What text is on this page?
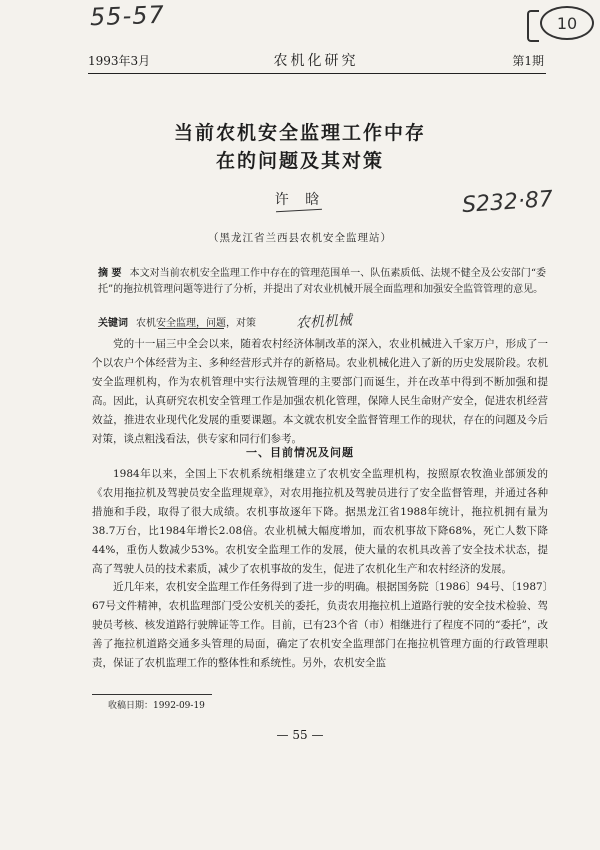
55-57	10
1993年3月	农机化研究	第1期
当前农机安全监理工作中存
在的问题及其对策
许 晗	S232·87
（黑龙江省兰西县农机安全监理站）
摘 要 本文对当前农机安全监理工作中存在的管理范围单一、队伍素质低、法规不健全及公安部门“委托”的拖拉机管理问题等进行了分析，并提出了对农业机械开展全面监理和加强安全监管管理的意见。
关键词 农机安全监理，问题，对策	农机机械

党的十一届三中全会以来，随着农村经济体制改革的深入，农业机械进入千家万户，形成了一个以农户个体经营为主、多种经营形式并存的新格局。农业机械化进入了新的历史发展阶段。农机安全监理机构，作为农机管理中实行法规管理的主要部门而诞生，并在改革中得到不断加强和提高。因此，认真研究农机安全管理工作是加强农机化管理，保障人民生命财产安全，促进农机经营效益，推进农业现代化发展的重要课题。本文就农机安全监督管理工作的现状，存在的问题及今后对策，谈点粗浅看法，供专家和同行们参考。

一、目前情况及问题

1984年以来，全国上下农机系统相继建立了农机安全监理机构，按照原农牧渔业部颁发的《农用拖拉机及驾驶员安全监理规章》，对农用拖拉机及驾驶员进行了安全监督管理，并通过各种措施和手段，取得了很大成绩。农机事故逐年下降。据黑龙江省1988年统计，拖拉机拥有量为38.7万台，比1984年增长2.08倍。农业机械大幅度增加，而农机事故下降68%，死亡人数下降44%，重伤人数减少53%。农机安全监理工作的发展，使大量的农机具改善了安全技术状态，提高了驾驶人员的技术素质，减少了农机事故的发生，促进了农机化生产和农村经济的发展。

近几年来，农机安全监理工作任务得到了进一步的明确。根据国务院〔1986〕94号、〔1987〕67号文件精神，农机监理部门受公安机关的委托，负责农用拖拉机上道路行驶的安全技术检验、驾驶员考核、核发道路行驶牌证等工作。目前，已有23个省（市）相继进行了程度不同的“委托”，改善了拖拉机道路交通多头管理的局面，确定了农机安全监理部门在拖拉机管理方面的行政管理职责，保证了农机监理工作的整体性和系统性。另外，农机安全监

收稿日期：1992-09-19
— 55 —
